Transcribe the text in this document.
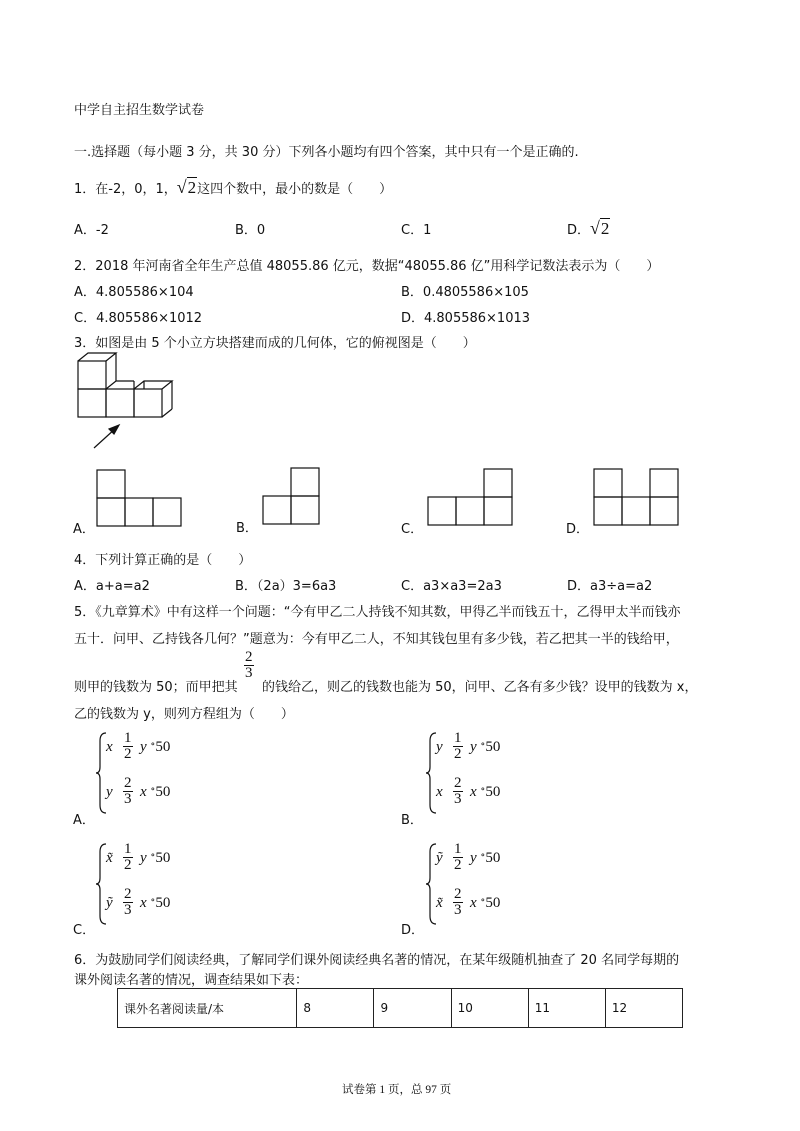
中学自主招生数学试卷
一.选择题（每小题 3 分，共 30 分）下列各小题均有四个答案，其中只有一个是正确的.
1．在-2，0，1，√2这四个数中，最小的数是（　　）
A．-2	B．0	C．1	D．√2
2．2018 年河南省全年生产总值 48055.86 亿元，数据“48055.86 亿”用科学记数法表示为（　　）
A．4.805586×104	B．0.4805586×105
C．4.805586×1012	D．4.805586×1013
3．如图是由 5 个小立方块搭建而成的几何体，它的俯视图是（　　）
A．	B．	C．	D．
4．下列计算正确的是（　　）
A．a+a=a2	B．（2a）3=6a3	C．a3×a3=2a3	D．a3÷a=a2
5．《九章算术》中有这样一个问题：“今有甲乙二人持钱不知其数，甲得乙半而钱五十，乙得甲太半而钱亦
五十．问甲、乙持钱各几何？”题意为：今有甲乙二人，不知其钱包里有多少钱，若乙把其一半的钱给甲，
则甲的钱数为 50；而甲把其
$\frac{2}{3}$
的钱给乙，则乙的钱数也能为 50，问甲、乙各有多少钱？设甲的钱数为 x，
乙的钱数为 y，则列方程组为（　　）
A．
x $\frac{1}{2}$ y ∘50
y $\frac{2}{3}$ x ∘50
B．
y $\frac{1}{2}$ y ∘50
x $\frac{2}{3}$ x ∘50
C．
x̃ $\frac{1}{2}$ y ∘50
ỹ $\frac{2}{3}$ x ∘50
D．
ỹ $\frac{1}{2}$ y ∘50
x̃ $\frac{2}{3}$ x ∘50
6．为鼓励同学们阅读经典，了解同学们课外阅读经典名著的情况，在某年级随机抽查了 20 名同学每期的
课外阅读名著的情况，调查结果如下表：
课外名著阅读量/本	8	9	10	11	12
试卷第 1 页，总 97 页
